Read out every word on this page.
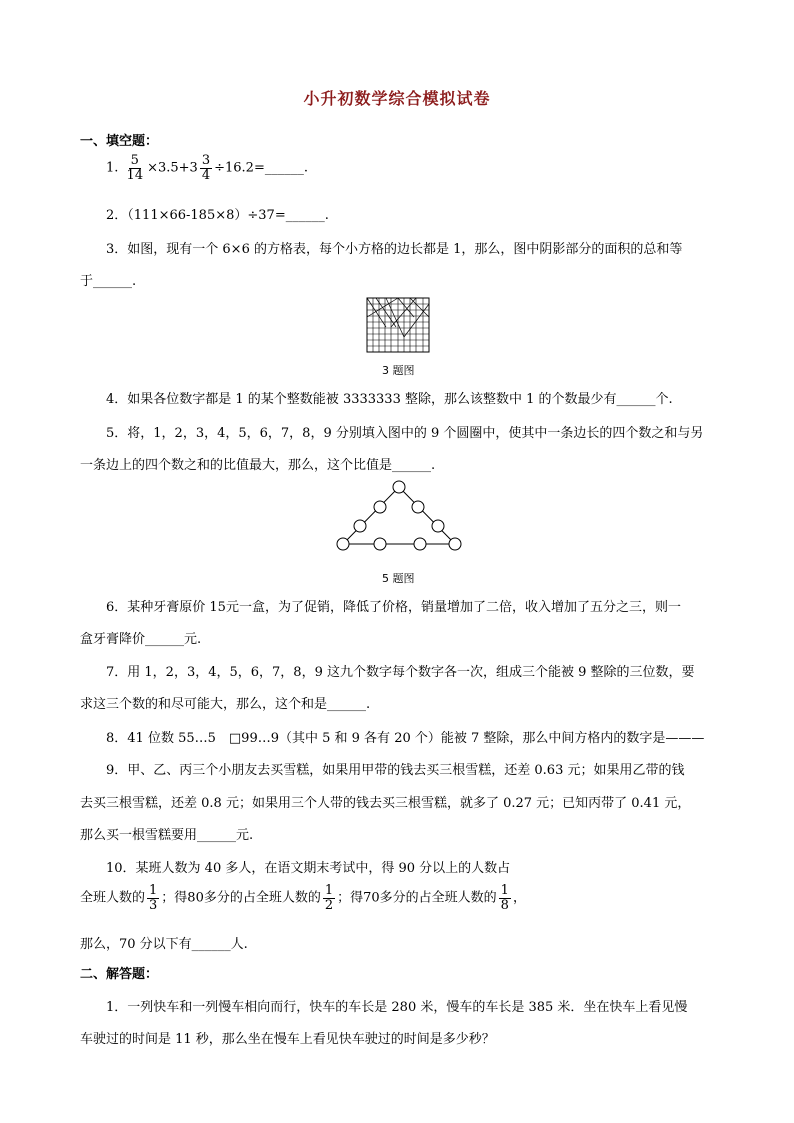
小升初数学综合模拟试卷
一、填空题：
1. $\frac{5}{14} \times 3.5+3 \frac{3}{4}$ ÷16.2=______.
2．（111×66-185×8）÷37=______.
3．如图，现有一个 6×6 的方格表，每个小方格的边长都是 1，那么，图中阴影部分的面积的总和等
于______.
3 题图
4．如果各位数字都是 1 的某个整数能被 3333333 整除，那么该整数中 1 的个数最少有______个.
5．将，1，2，3，4，5，6，7，8，9 分别填入图中的 9 个圆圈中，使其中一条边长的四个数之和与另
一条边上的四个数之和的比值最大，那么，这个比值是______.
5 题图
6．某种牙膏原价 15元一盒，为了促销，降低了价格，销量增加了二倍，收入增加了五分之三，则一
盒牙膏降价______元.
7．用 1，2，3，4，5，6，7，8，9 这九个数字每个数字各一次，组成三个能被 9 整除的三位数，要
求这三个数的和尽可能大，那么，这个和是______.
8．41 位数 55…5　□99…9（其中 5 和 9 各有 20 个）能被 7 整除，那么中间方格内的数字是———
9．甲、乙、丙三个小朋友去买雪糕，如果用甲带的钱去买三根雪糕，还差 0.63 元；如果用乙带的钱
去买三根雪糕，还差 0.8 元；如果用三个人带的钱去买三根雪糕，就多了 0.27 元；已知丙带了 0.41 元，
那么买一根雪糕要用______元.
10．某班人数为 40 多人，在语文期末考试中，得 90 分以上的人数占
全班人数的 $\frac{1}{3}$ ；得80多分的占全班人数的 $\frac{1}{2}$ ；得70多分的占全班人数的 $\frac{1}{8}$ ，
那么，70 分以下有______人.
二、解答题：
1．一列快车和一列慢车相向而行，快车的车长是 280 米，慢车的车长是 385 米．坐在快车上看见慢
车驶过的时间是 11 秒，那么坐在慢车上看见快车驶过的时间是多少秒？
